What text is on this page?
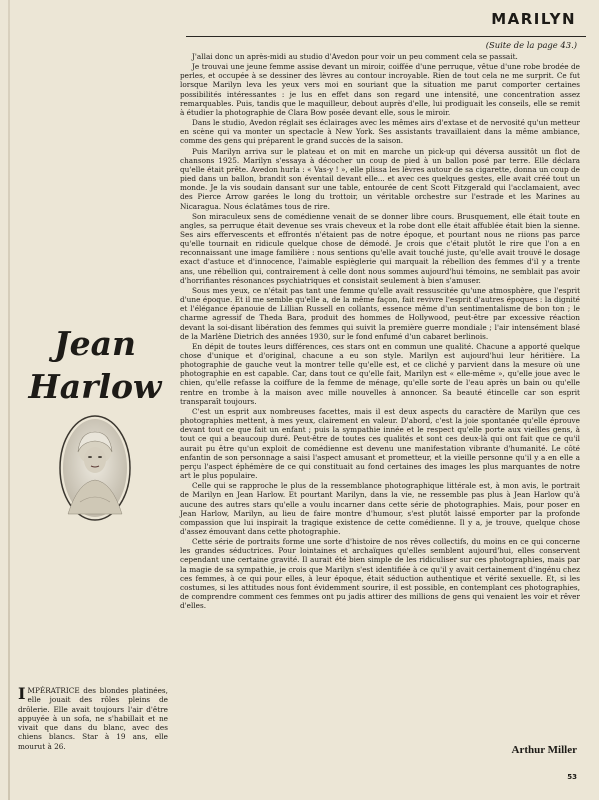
MARILYN
(Suite de la page 43.)

J'allai donc un après-midi au studio d'Avedon pour voir un peu comment cela se passait.

Je trouvai une jeune femme assise devant un miroir, coiffée d'une perruque, vêtue d'une robe brodée de perles, et occupée à se dessiner des lèvres au contour incroyable. Rien de tout cela ne me surprit. Ce fut lorsque Marilyn leva les yeux vers moi en souriant que la situation me parut comporter certaines possibilités intéressantes : je lus en effet dans son regard une intensité, une concentration assez remarquables. Puis, tandis que le maquilleur, debout auprès d'elle, lui prodiguait les conseils, elle se remit à étudier la photographie de Clara Bow posée devant elle, sous le miroir.

Dans le studio, Avedon réglait ses éclairages avec les mêmes airs d'extase et de nervosité qu'un metteur en scène qui va monter un spectacle à New York. Ses assistants travaillaient dans la même ambiance, comme des gens qui préparent le grand succès de la saison.

Puis Marilyn arriva sur le plateau et on mit en marche un pick-up qui déversa aussitôt un flot de chansons 1925. Marilyn s'essaya à décocher un coup de pied à un ballon posé par terre. Elle déclara qu'elle était prête. Avedon hurla : « Vas-y ! », elle plissa les lèvres autour de sa cigarette, donna un coup de pied dans un ballon, brandit son éventail devant elle... et avec ces quelques gestes, elle avait créé tout un monde. Je la vis soudain dansant sur une table, entourée de cent Scott Fitzgerald qui l'acclamaient, avec des Pierce Arrow garées le long du trottoir, un véritable orchestre sur l'estrade et les Marines au Nicaragua. Nous éclatâmes tous de rire.

Son miraculeux sens de comédienne venait de se donner libre cours. Brusquement, elle était toute en angles, sa perruque était devenue ses vrais cheveux et la robe dont elle était affublée était bien la sienne. Ses airs effervescents et effrontés n'étaient pas de notre époque, et pourtant nous ne riions pas parce qu'elle tournait en ridicule quelque chose de démodé. Je crois que c'était plutôt le rire que l'on a en reconnaissant une image familière : nous sentions qu'elle avait touché juste, qu'elle avait trouvé le dosage exact d'astuce et d'innocence, l'aimable espièglerie qui marquait la rébellion des femmes d'il y a trente ans, une rébellion qui, contrairement à celle dont nous sommes aujourd'hui témoins, ne semblait pas avoir d'horrifiantes résonances psychiatriques et consistait seulement à bien s'amuser.

Sous mes yeux, ce n'était pas tant une femme qu'elle avait ressuscitée qu'une atmosphère, que l'esprit d'une époque. Et il me semble qu'elle a, de la même façon, fait revivre l'esprit d'autres époques : la dignité et l'élégance épanouie de Lillian Russell en collants, essence même d'un sentimentalisme de bon ton ; le charme agressif de Theda Bara, produit des hommes de Hollywood, peut-être par excessive réaction devant la soi-disant libération des femmes qui suivit la première guerre mondiale ; l'air intensément blasé de la Marlène Dietrich des années 1930, sur le fond enfumé d'un cabaret berlinois.

En dépit de toutes leurs différences, ces stars ont en commun une qualité. Chacune a apporté quelque chose d'unique et d'original, chacune a eu son style. Marilyn est aujourd'hui leur héritière. La photographie de gauche veut la montrer telle qu'elle est, et ce cliché y parvient dans la mesure où une photographie en est capable. Car, dans tout ce qu'elle fait, Marilyn est « elle-même », qu'elle joue avec le chien, qu'elle refasse la coiffure de la femme de ménage, qu'elle sorte de l'eau après un bain ou qu'elle rentre en trombe à la maison avec mille nouvelles à annoncer. Sa beauté étincelle car son esprit transparaît toujours.

C'est un esprit aux nombreuses facettes, mais il est deux aspects du caractère de Marilyn que ces photographies mettent, à mes yeux, clairement en valeur. D'abord, c'est la joie spontanée qu'elle éprouve devant tout ce que fait un enfant ; puis la sympathie innée et le respect qu'elle porte aux vieilles gens, à tout ce qui a beaucoup duré. Peut-être de toutes ces qualités et sont ces deux-là qui ont fait que ce qu'il aurait pu être qu'un exploit de comédienne est devenu une manifestation vibrante d'humanité. Le côté enfantin de son personnage a saisi l'aspect amusant et prometteur, et la vieille personne qu'il y a en elle a perçu l'aspect éphémère de ce qui constituait au fond certaines des images les plus marquantes de notre art le plus populaire.

Celle qui se rapproche le plus de la ressemblance photographique littérale est, à mon avis, le portrait de Marilyn en Jean Harlow. Et pourtant Marilyn, dans la vie, ne ressemble pas plus à Jean Harlow qu'à aucune des autres stars qu'elle a voulu incarner dans cette série de photographies. Mais, pour poser en Jean Harlow, Marilyn, au lieu de faire montre d'humour, s'est plutôt laissé emporter par la profonde compassion que lui inspirait la tragique existence de cette comédienne. Il y a, je trouve, quelque chose d'assez émouvant dans cette photographie.

Cette série de portraits forme une sorte d'histoire de nos rêves collectifs, du moins en ce qui concerne les grandes séductrices. Pour lointaines et archaïques qu'elles semblent aujourd'hui, elles conservent cependant une certaine gravité. Il aurait été bien simple de les ridiculiser sur ces photographies, mais par la magie de sa sympathie, je crois que Marilyn s'est identifiée à ce qu'il y avait certainement d'ingénu chez ces femmes, à ce qui pour elles, à leur époque, était séduction authentique et vérité sexuelle. Et, si les costumes, si les attitudes nous font évidemment sourire, il est possible, en contemplant ces photographies, de comprendre comment ces femmes ont pu jadis attirer des millions de gens qui venaient les voir et rêver d'elles.

Arthur Miller
53
Jean
Harlow
IMPÉRATRICE des blondes platinées, elle jouait des rôles pleins de drôlerie. Elle avait toujours l'air d'être appuyée à un sofa, ne s'habillait et ne vivait que dans du blanc, avec des chiens blancs. Star à 19 ans, elle mourut à 26.
